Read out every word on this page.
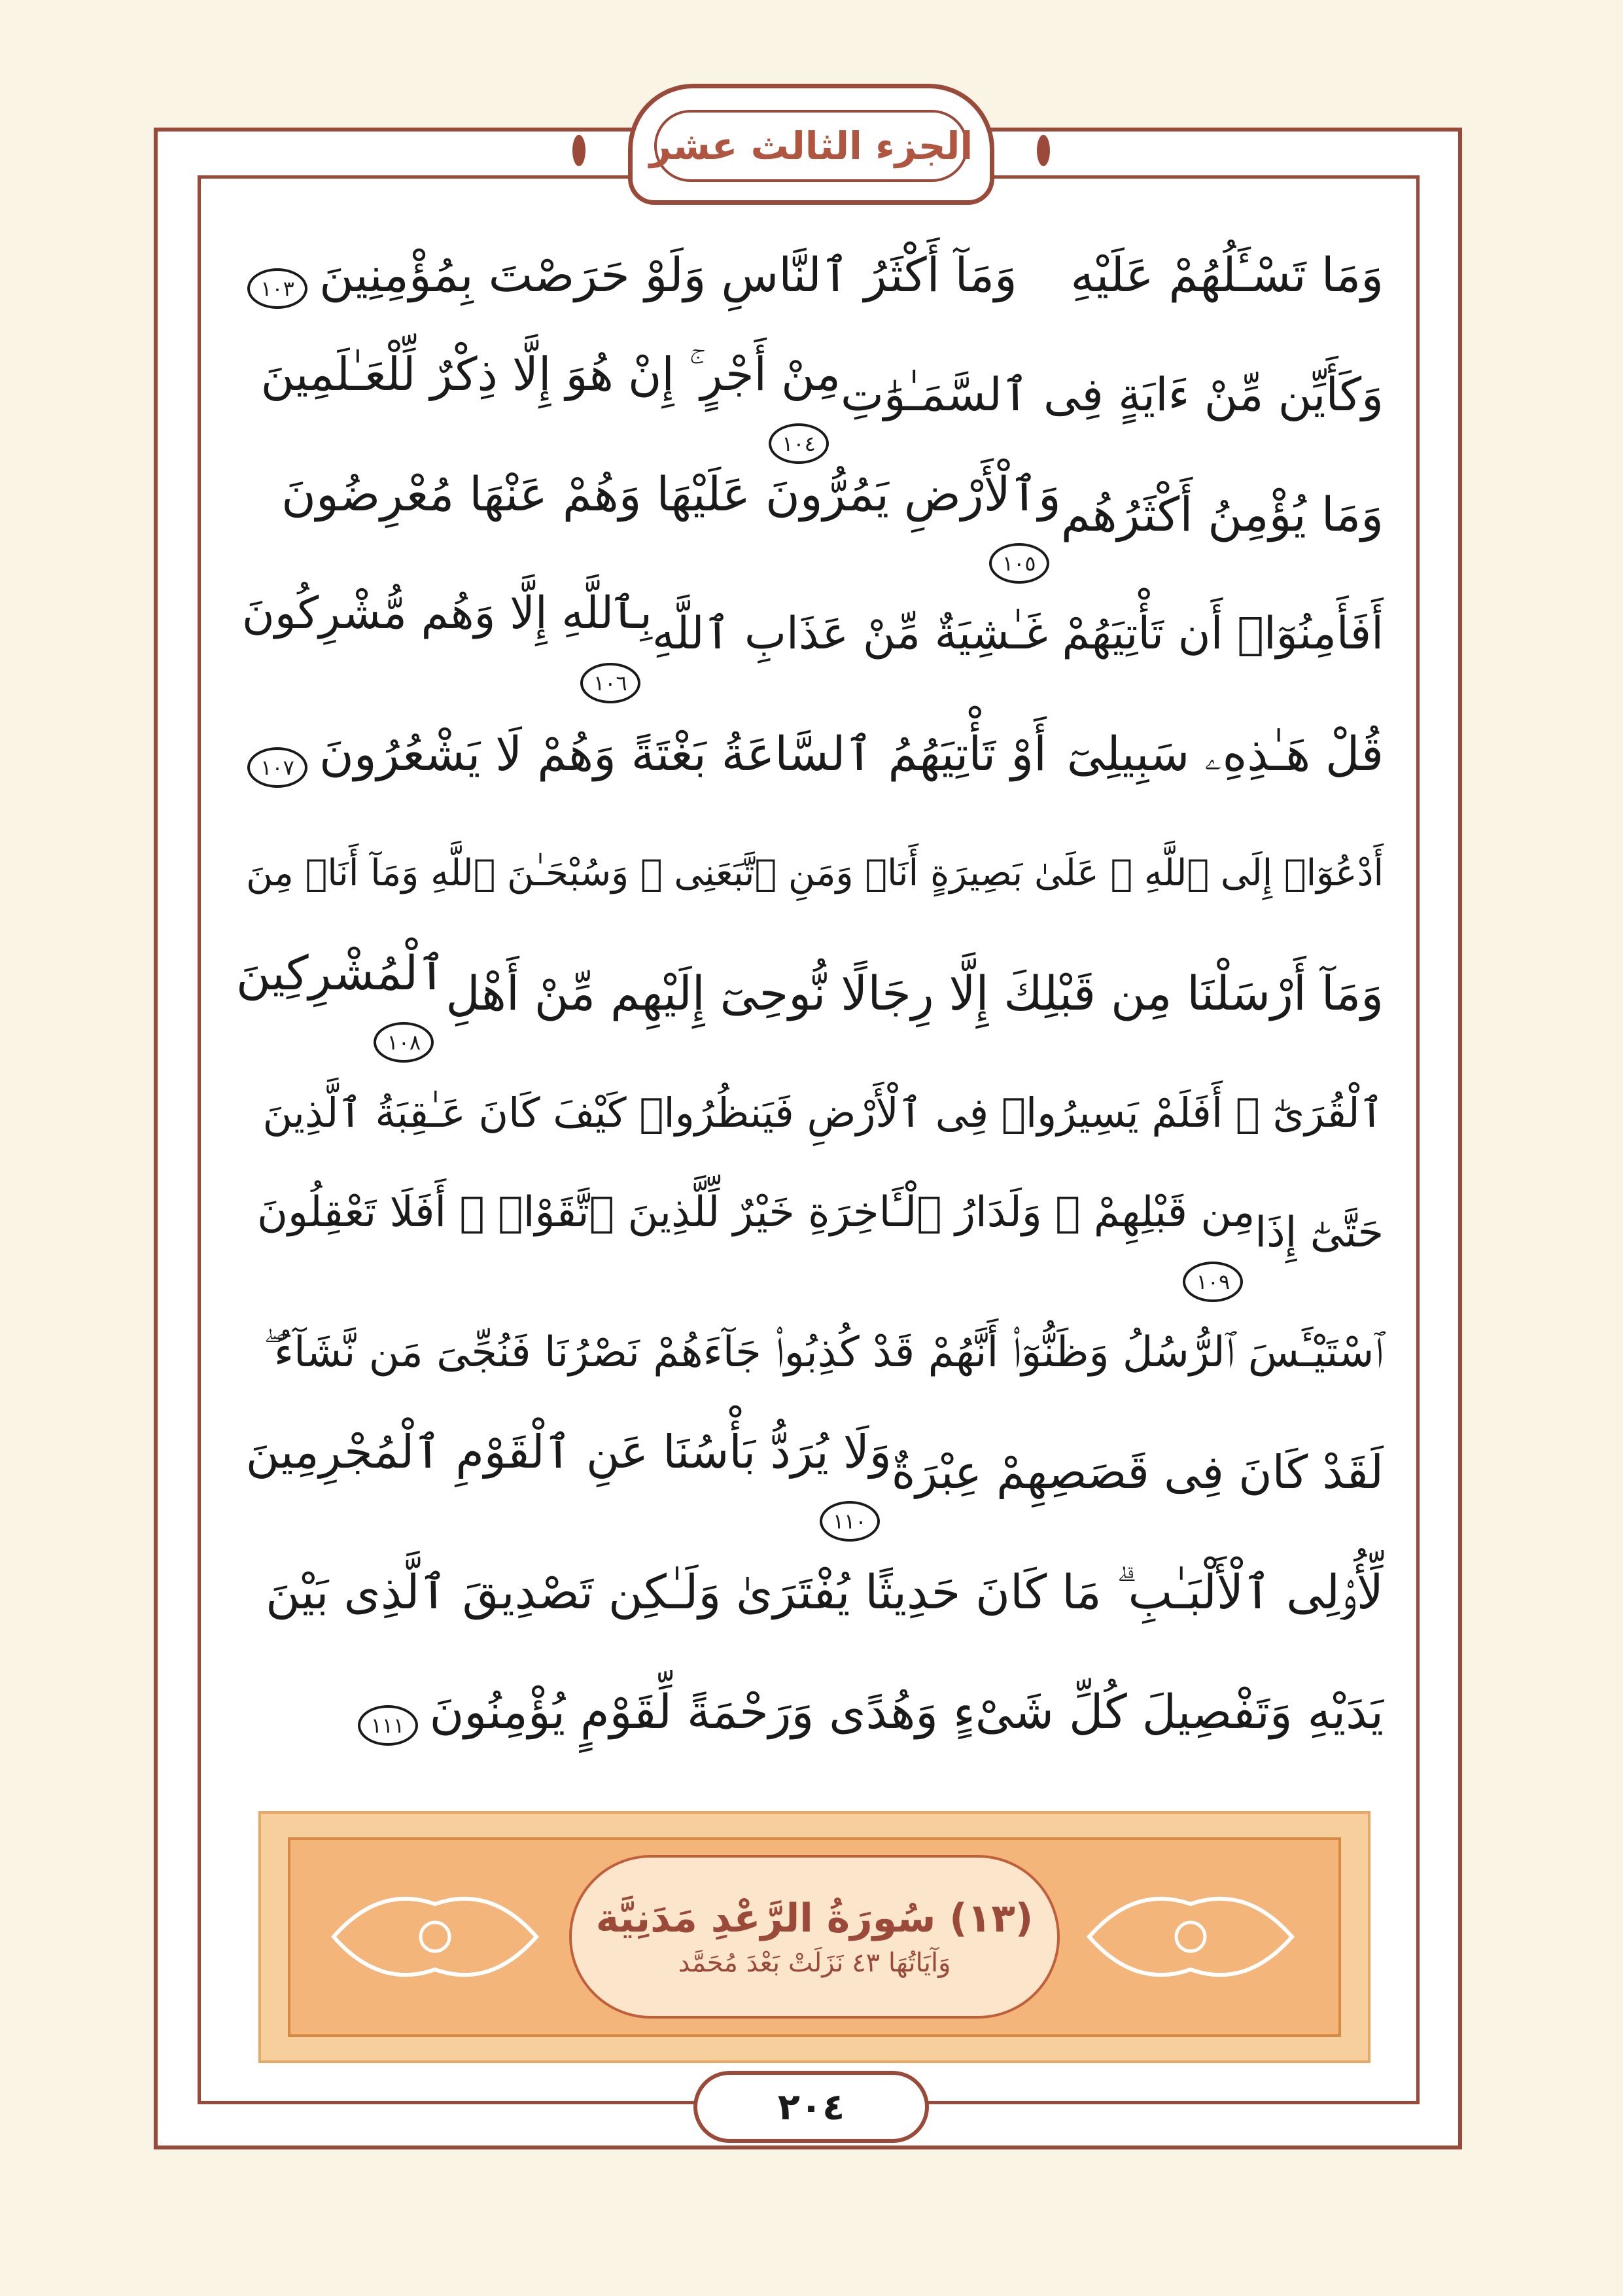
الجزء الثالث عشر
وَمَا تَسْـَٔلُهُمْ عَلَيْهِ
وَمَآ أَكْثَرُ ٱلنَّاسِ وَلَوْ حَرَصْتَ بِمُؤْمِنِينَ١٠٣
وَكَأَيِّن مِّنْ ءَايَةٍ فِى ٱلسَّمَـٰوَٰتِ
مِنْ أَجْرٍ ۚ إِنْ هُوَ إِلَّا ذِكْرٌ لِّلْعَـٰلَمِينَ١٠٤
وَمَا يُؤْمِنُ أَكْثَرُهُم
وَٱلْأَرْضِ يَمُرُّونَ عَلَيْهَا وَهُمْ عَنْهَا مُعْرِضُونَ١٠٥
أَفَأَمِنُوٓا۟ أَن تَأْتِيَهُمْ غَـٰشِيَةٌ مِّنْ عَذَابِ ٱللَّهِ
بِٱللَّهِ إِلَّا وَهُم مُّشْرِكُونَ١٠٦
قُلْ هَـٰذِهِۦ سَبِيلِىٓ
أَوْ تَأْتِيَهُمُ ٱلسَّاعَةُ بَغْتَةً وَهُمْ لَا يَشْعُرُونَ١٠٧
أَدْعُوٓا۟ إِلَى ٱللَّهِ ۚ عَلَىٰ بَصِيرَةٍ أَنَا۠ وَمَنِ ٱتَّبَعَنِى ۖ وَسُبْحَـٰنَ ٱللَّهِ وَمَآ أَنَا۠ مِنَ
وَمَآ أَرْسَلْنَا مِن قَبْلِكَ إِلَّا رِجَالًا نُّوحِىٓ إِلَيْهِم مِّنْ أَهْلِ
ٱلْمُشْرِكِينَ١٠٨
ٱلْقُرَىٰٓ ۗ أَفَلَمْ يَسِيرُوا۟ فِى ٱلْأَرْضِ فَيَنظُرُوا۟ كَيْفَ كَانَ عَـٰقِبَةُ ٱلَّذِينَ
حَتَّىٰٓ إِذَا
مِن قَبْلِهِمْ ۗ وَلَدَارُ ٱلْـَٔاخِرَةِ خَيْرٌ لِّلَّذِينَ ٱتَّقَوْا۟ ۗ أَفَلَا تَعْقِلُونَ١٠٩
ٱسْتَيْـَٔسَ ٱلرُّسُلُ وَظَنُّوٓا۟ أَنَّهُمْ قَدْ كُذِبُوا۟ جَآءَهُمْ نَصْرُنَا فَنُجِّىَ مَن نَّشَآءُ ۖ
لَقَدْ كَانَ فِى قَصَصِهِمْ عِبْرَةٌ
وَلَا يُرَدُّ بَأْسُنَا عَنِ ٱلْقَوْمِ ٱلْمُجْرِمِينَ١١٠
لِّأُو۟لِى ٱلْأَلْبَـٰبِ ۗ مَا كَانَ حَدِيثًا يُفْتَرَىٰ وَلَـٰكِن تَصْدِيقَ ٱلَّذِى بَيْنَ
يَدَيْهِ وَتَفْصِيلَ كُلِّ شَىْءٍ وَهُدًى وَرَحْمَةً لِّقَوْمٍ يُؤْمِنُونَ١١١
(١٣) سُورَةُ الرَّعْدِ مَدَنِيَّة
وَآيَاتُهَا ٤٣ نَزَلَتْ بَعْدَ مُحَمَّد
٢٠٤
